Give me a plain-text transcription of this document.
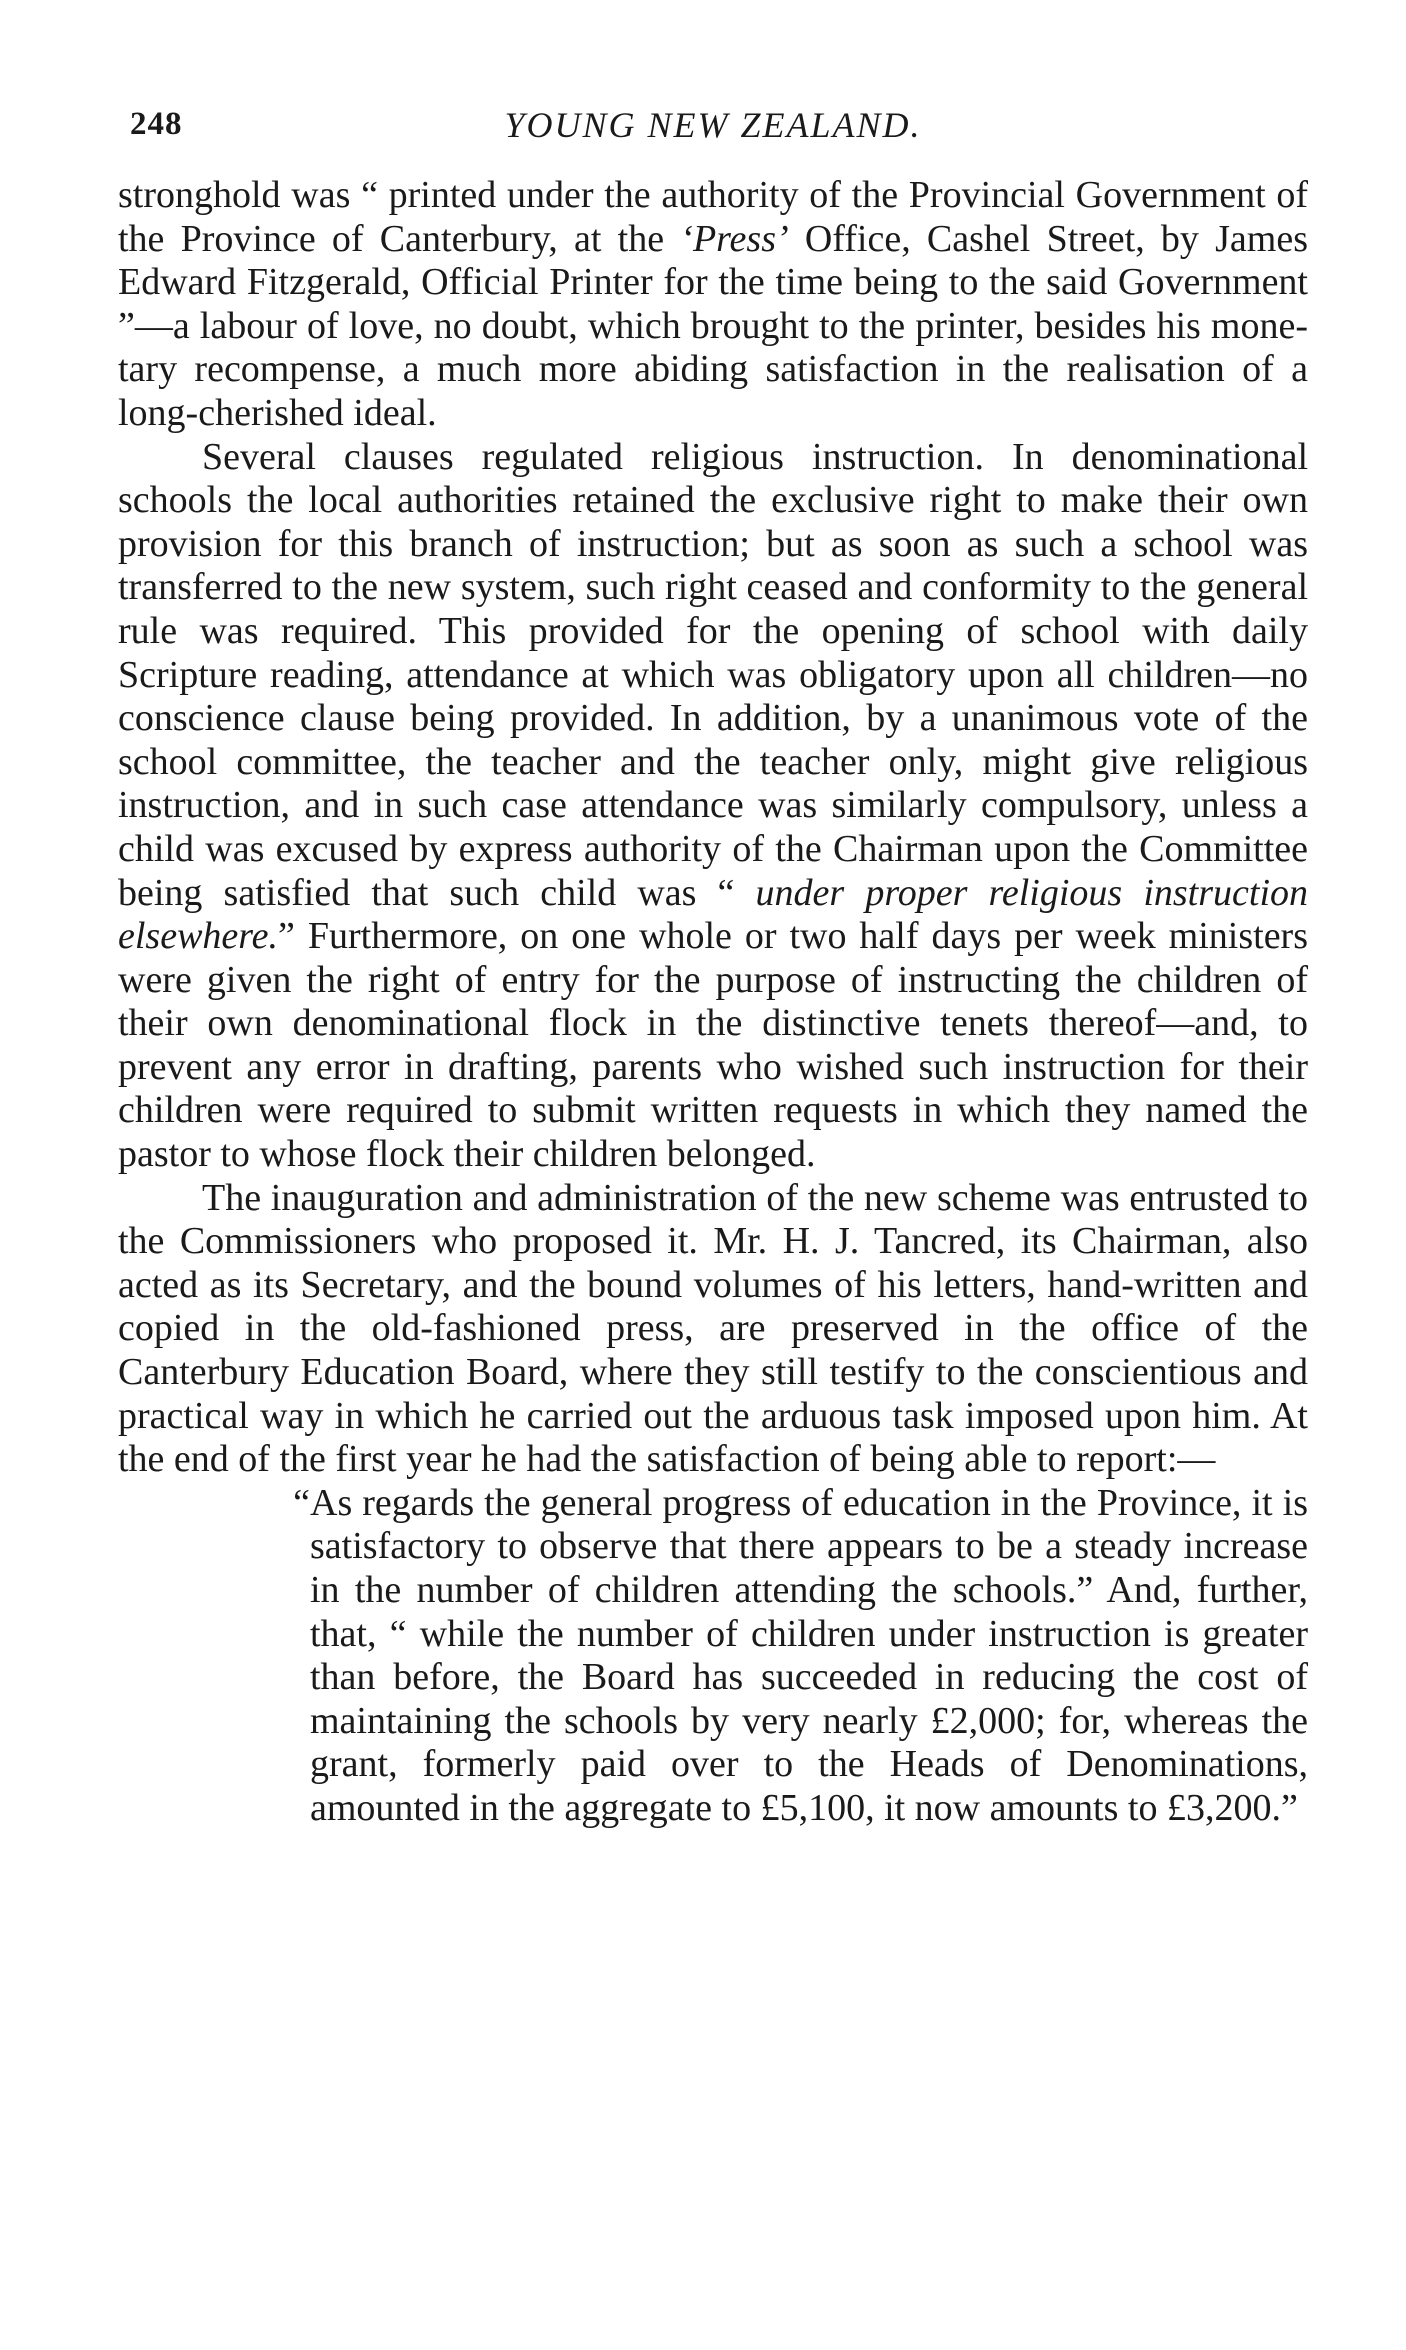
248	YOUNG NEW ZEALAND.

stronghold was “ printed under the authority of the Provincial Government of the Province of Canterbury, at the ‘Press’ Office, Cashel Street, by James Edward Fitzgerald, Official Printer for the time being to the said Government ”—a labour of love, no doubt, which brought to the printer, besides his monetary recompense, a much more abiding satisfaction in the realisation of a long-cherished ideal.

Several clauses regulated religious instruction. In denominational schools the local authorities retained the exclusive right to make their own provision for this branch of instruction; but as soon as such a school was transferred to the new system, such right ceased and conformity to the general rule was required. This provided for the opening of school with daily Scripture reading, attendance at which was obligatory upon all children—no conscience clause being provided. In addition, by a unanimous vote of the school committee, the teacher and the teacher only, might give religious instruction, and in such case attendance was similarly compulsory, unless a child was excused by express authority of the Chairman upon the Committee being satisfied that such child was “ under proper religious instruction elsewhere.” Furthermore, on one whole or two half days per week ministers were given the right of entry for the purpose of instructing the children of their own denominational flock in the distinctive tenets thereof—and, to prevent any error in drafting, parents who wished such instruction for their children were required to submit written requests in which they named the pastor to whose flock their children belonged.

The inauguration and administration of the new scheme was entrusted to the Commissioners who proposed it. Mr. H. J. Tancred, its Chairman, also acted as its Secretary, and the bound volumes of his letters, hand-written and copied in the old-fashioned press, are preserved in the office of the Canterbury Education Board, where they still testify to the conscientious and practical way in which he carried out the arduous task imposed upon him. At the end of the first year he had the satisfaction of being able to report:—

“As regards the general progress of education in the Province, it is satisfactory to observe that there appears to be a steady increase in the number of children attending the schools.” And, further, that, “ while the number of children under instruction is greater than before, the Board has succeeded in reducing the cost of maintaining the schools by very nearly £2,000; for, whereas the grant, formerly paid over to the Heads of Denominations, amounted in the aggregate to £5,100, it now amounts to £3,200.”
